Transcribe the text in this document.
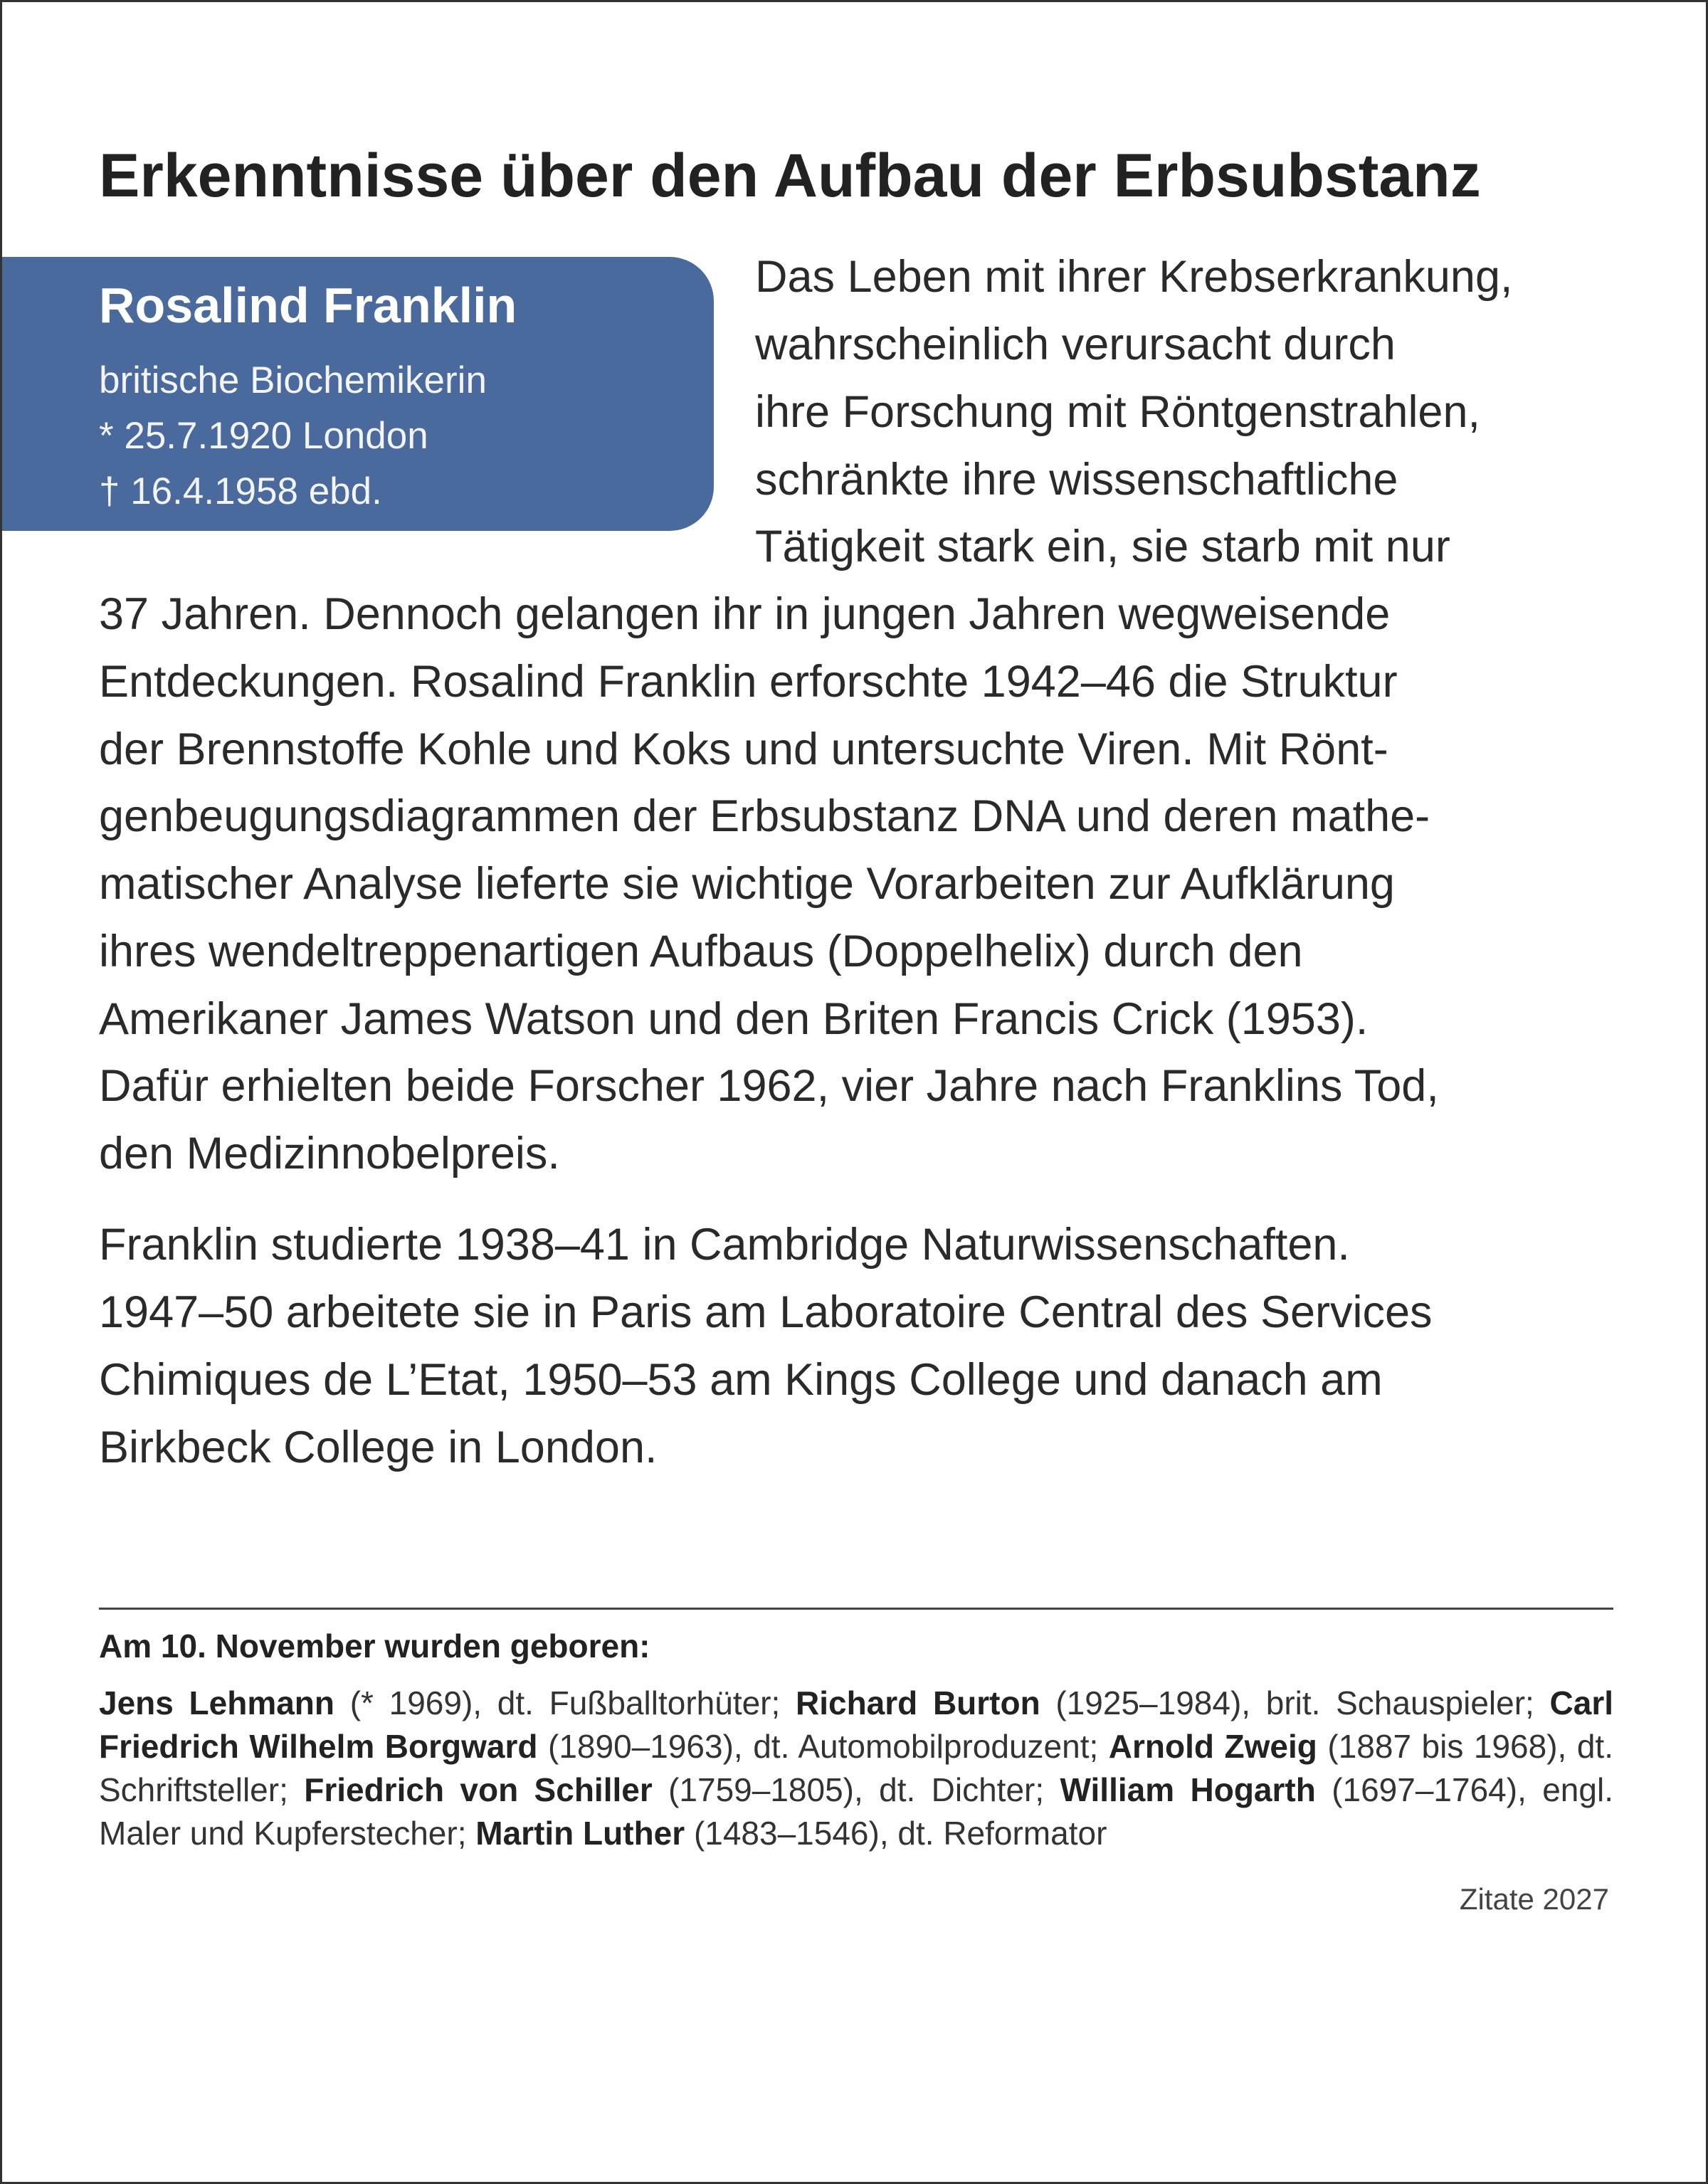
Erkenntnisse über den Aufbau der Erbsubstanz
Rosalind Franklin
britische Biochemikerin
* 25.7.1920 London
† 16.4.1958 ebd.
Das Leben mit ihrer Krebserkrankung,
wahrscheinlich verursacht durch
ihre Forschung mit Röntgenstrahlen,
schränkte ihre wissenschaftliche
Tätigkeit stark ein, sie starb mit nur
37 Jahren. Dennoch gelangen ihr in jungen Jahren wegweisende
Entdeckungen. Rosalind Franklin erforschte 1942–46 die Struktur
der Brennstoffe Kohle und Koks und untersuchte Viren. Mit Rönt-
genbeugungsdiagrammen der Erbsubstanz DNA und deren mathe-
matischer Analyse lieferte sie wichtige Vorarbeiten zur Aufklärung
ihres wendeltreppenartigen Aufbaus (Doppelhelix) durch den
Amerikaner James Watson und den Briten Francis Crick (1953).
Dafür erhielten beide Forscher 1962, vier Jahre nach Franklins Tod,
den Medizinnobelpreis.
Franklin studierte 1938–41 in Cambridge Naturwissenschaften.
1947–50 arbeitete sie in Paris am Laboratoire Central des Services
Chimiques de L’Etat, 1950–53 am Kings College und danach am
Birkbeck College in London.
Am 10. November wurden geboren:
Jens Lehmann (* 1969), dt. Fußballtorhüter; Richard Burton (1925–1984), brit. Schauspieler; Carl Friedrich Wilhelm Borgward (1890–1963), dt. Automobilproduzent; Arnold Zweig (1887 bis 1968), dt. Schriftsteller; Friedrich von Schiller (1759–1805), dt. Dichter; William Hogarth (1697–1764), engl. Maler und Kupferstecher; Martin Luther (1483–1546), dt. Reformator
Zitate 2027
